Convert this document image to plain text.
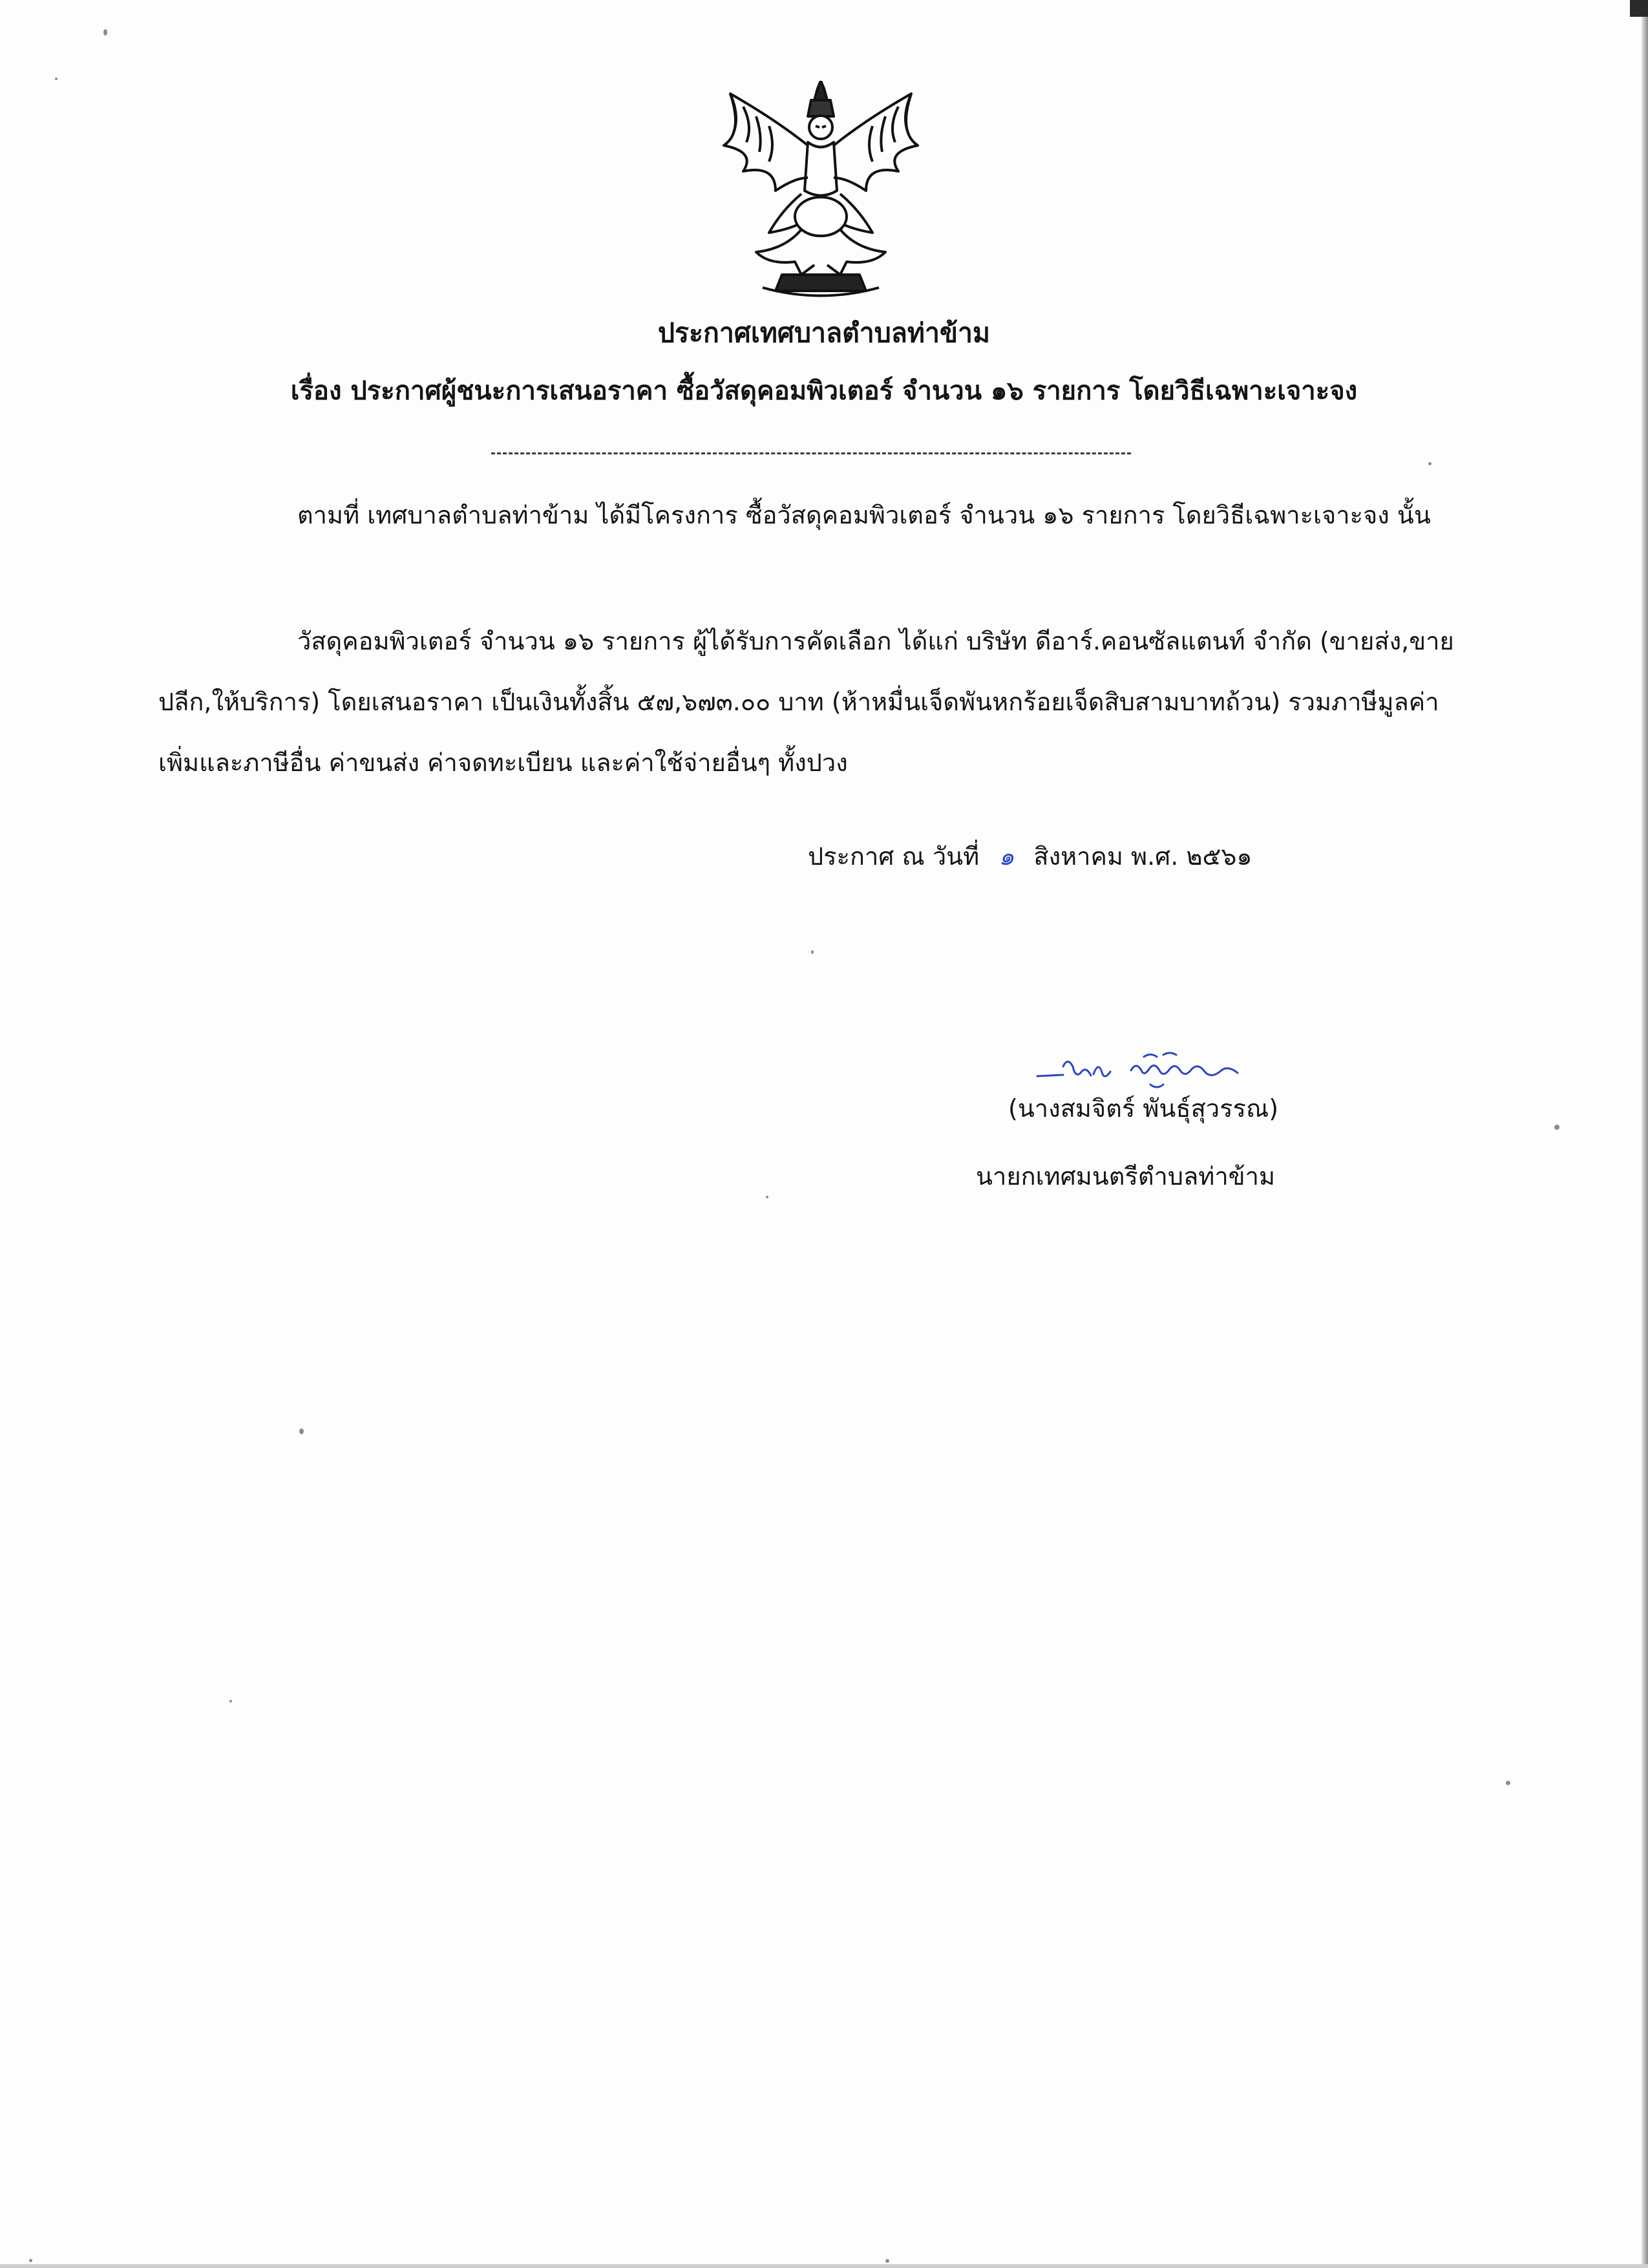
ประกาศเทศบาลตำบลท่าข้าม
เรื่อง ประกาศผู้ชนะการเสนอราคา ซื้อวัสดุคอมพิวเตอร์ จำนวน ๑๖ รายการ โดยวิธีเฉพาะเจาะจง
ตามที่ เทศบาลตำบลท่าข้าม ได้มีโครงการ ซื้อวัสดุคอมพิวเตอร์ จำนวน ๑๖ รายการ โดยวิธีเฉพาะเจาะจง นั้น
วัสดุคอมพิวเตอร์ จำนวน ๑๖ รายการ ผู้ได้รับการคัดเลือก ได้แก่ บริษัท ดีอาร์.คอนซัลแตนท์ จำกัด (ขายส่ง,ขายปลีก,ให้บริการ) โดยเสนอราคา เป็นเงินทั้งสิ้น ๕๗,๖๗๓.๐๐ บาท (ห้าหมื่นเจ็ดพันหกร้อยเจ็ดสิบสามบาทถ้วน) รวมภาษีมูลค่าเพิ่มและภาษีอื่น ค่าขนส่ง ค่าจดทะเบียน และค่าใช้จ่ายอื่นๆ ทั้งปวง
ประกาศ ณ วันที่ ๑ สิงหาคม พ.ศ. ๒๕๖๑
(นางสมจิตร์ พันธุ์สุวรรณ)
นายกเทศมนตรีตำบลท่าข้าม
